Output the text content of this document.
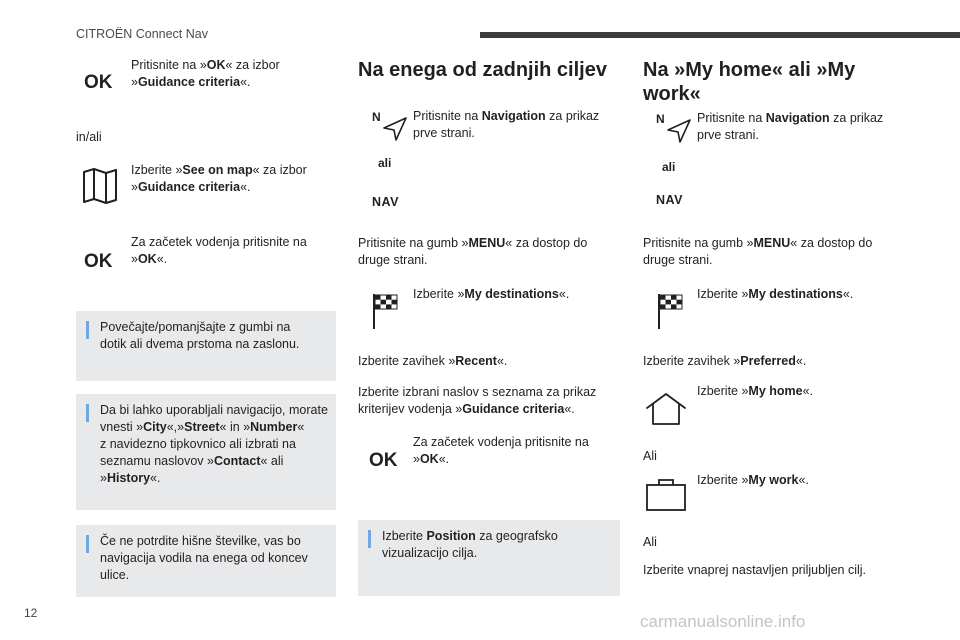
CITROËN Connect Nav
OK
Pritisnite na »OK« za izbor
»Guidance criteria«.
in/ali
Izberite »See on map« za izbor
»Guidance criteria«.
OK
Za začetek vodenja pritisnite na
»OK«.
Povečajte/pomanjšajte z gumbi na
dotik ali dvema prstoma na zaslonu.
Da bi lahko uporabljali navigacijo, morate
vnesti »City«,»Street« in »Number«
z navidezno tipkovnico ali izbrati na
seznamu naslovov »Contact« ali
»History«.
Če ne potrdite hišne številke, vas bo
navigacija vodila na enega od koncev
ulice.
Na enega od zadnjih ciljev
N	Pritisnite na Navigation za prikaz
prve strani.
ali
NAV
Pritisnite na gumb »MENU« za dostop do
druge strani.
Izberite »My destinations«.
Izberite zavihek »Recent«.
Izberite izbrani naslov s seznama za prikaz
kriterijev vodenja »Guidance criteria«.
OK
Za začetek vodenja pritisnite na
»OK«.
Izberite Position za geografsko
vizualizacijo cilja.
Na »My home« ali »My
work«
N	Pritisnite na Navigation za prikaz
prve strani.
ali
NAV
Pritisnite na gumb »MENU« za dostop do
druge strani.
Izberite »My destinations«.
Izberite zavihek »Preferred«.
Izberite »My home«.
Ali
Izberite »My work«.
Ali
Izberite vnaprej nastavljen priljubljen cilj.
12	carmanualsonline.info
